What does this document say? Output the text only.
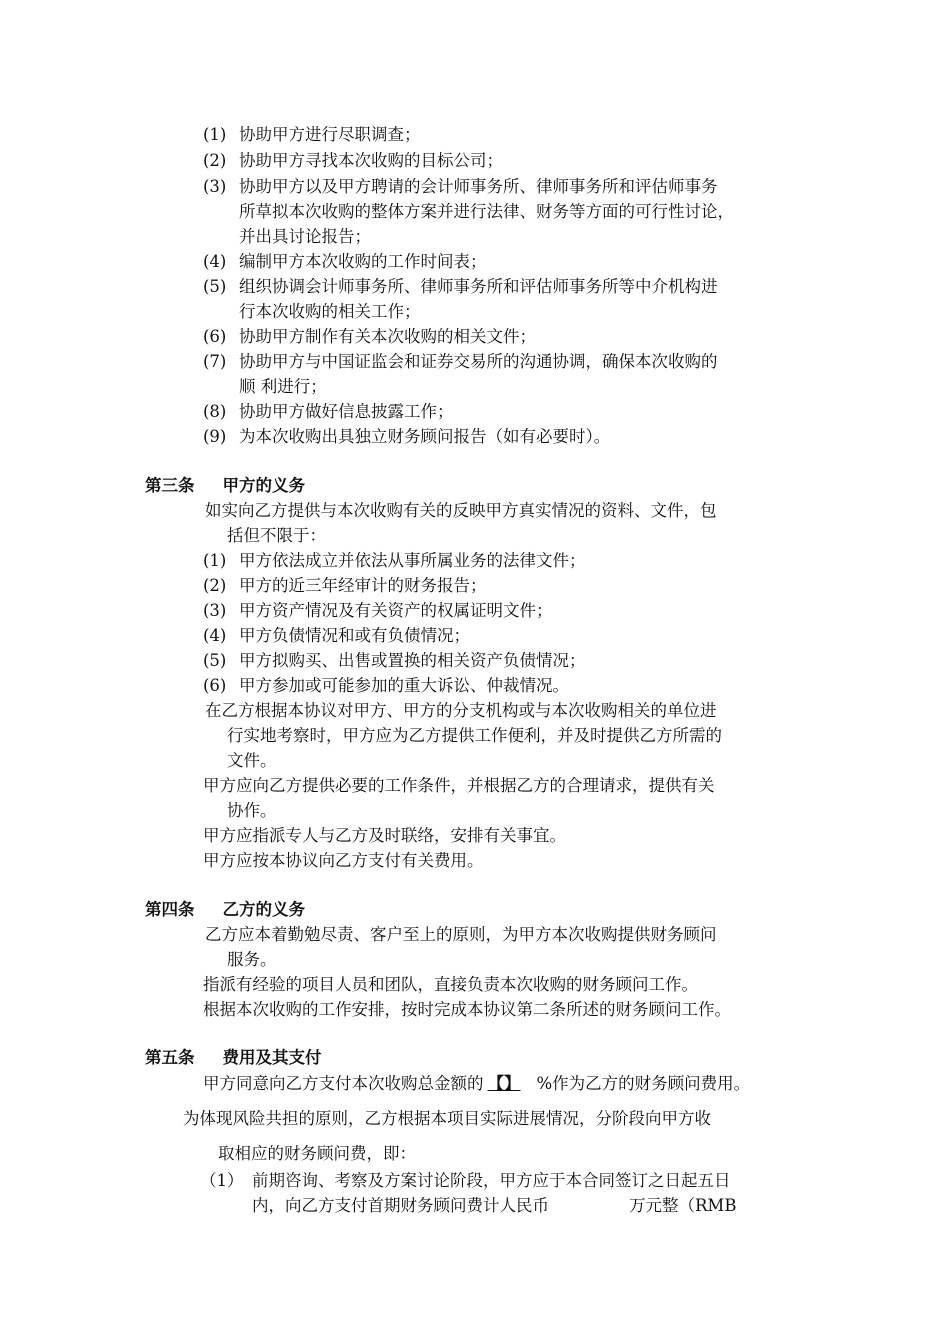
(1) 协助甲方进行尽职调查；
(2) 协助甲方寻找本次收购的目标公司；
(3) 协助甲方以及甲方聘请的会计师事务所、律师事务所和评估师事务
所草拟本次收购的整体方案并进行法律、财务等方面的可行性讨论，
并出具讨论报告；
(4) 编制甲方本次收购的工作时间表；
(5) 组织协调会计师事务所、律师事务所和评估师事务所等中介机构进
行本次收购的相关工作；
(6) 协助甲方制作有关本次收购的相关文件；
(7) 协助甲方与中国证监会和证券交易所的沟通协调，确保本次收购的
顺 利进行；
(8) 协助甲方做好信息披露工作；
(9) 为本次收购出具独立财务顾问报告（如有必要时）。
第三条 甲方的义务
如实向乙方提供与本次收购有关的反映甲方真实情况的资料、文件，包
括但不限于：
(1) 甲方依法成立并依法从事所属业务的法律文件；
(2) 甲方的近三年经审计的财务报告；
(3) 甲方资产情况及有关资产的权属证明文件；
(4) 甲方负债情况和或有负债情况；
(5) 甲方拟购买、出售或置换的相关资产负债情况；
(6) 甲方参加或可能参加的重大诉讼、仲裁情况。
在乙方根据本协议对甲方、甲方的分支机构或与本次收购相关的单位进
行实地考察时，甲方应为乙方提供工作便利，并及时提供乙方所需的
文件。
甲方应向乙方提供必要的工作条件，并根据乙方的合理请求，提供有关
协作。
甲方应指派专人与乙方及时联络，安排有关事宜。
甲方应按本协议向乙方支付有关费用。
第四条 乙方的义务
乙方应本着勤勉尽责、客户至上的原则，为甲方本次收购提供财务顾问
服务。
指派有经验的项目人员和团队，直接负责本次收购的财务顾问工作。
根据本次收购的工作安排，按时完成本协议第二条所述的财务顾问工作。
第五条 费用及其支付
甲方同意向乙方支付本次收购总金额的 【】 %作为乙方的财务顾问费用。
为体现风险共担的原则，乙方根据本项目实际进展情况，分阶段向甲方收
取相应的财务顾问费，即：
（1） 前期咨询、考察及方案讨论阶段，甲方应于本合同签订之日起五日
内，向乙方支付首期财务顾问费计人民币	万元整（RMB
